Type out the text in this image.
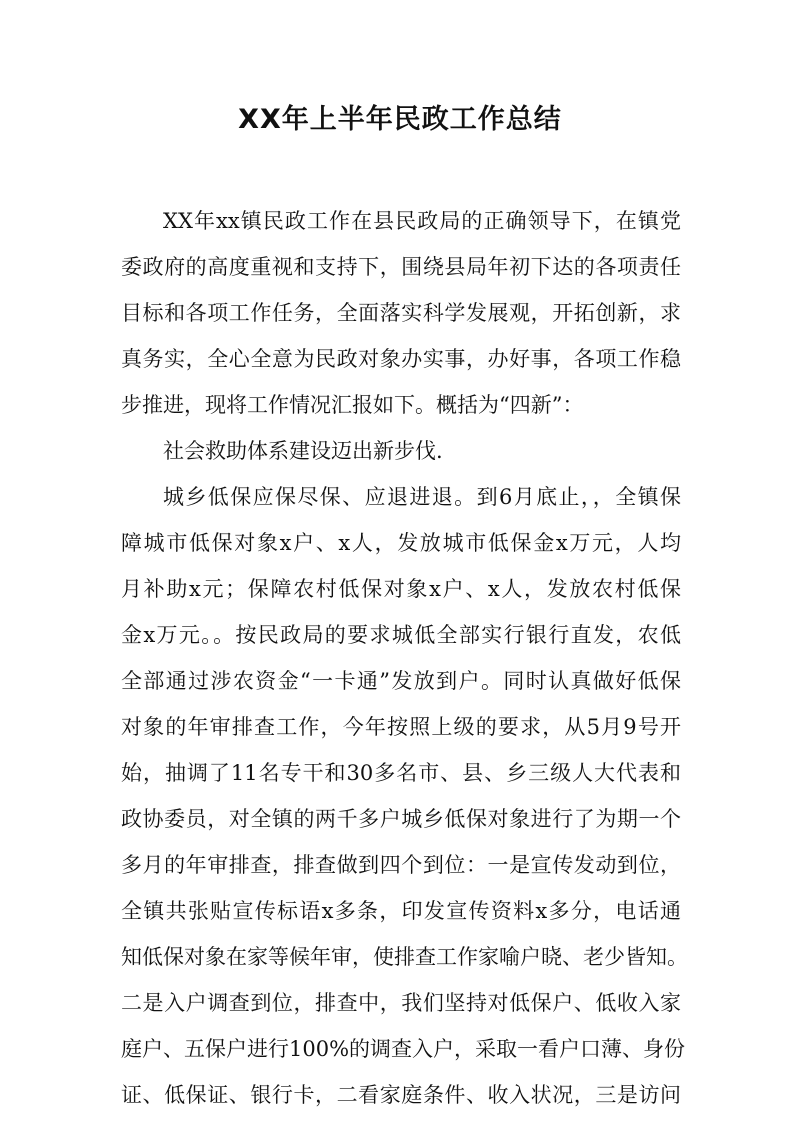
XX年上半年民政工作总结
XX年xx镇民政工作在县民政局的正确领导下，在镇党
委政府的高度重视和支持下，围绕县局年初下达的各项责任
目标和各项工作任务，全面落实科学发展观，开拓创新，求
真务实，全心全意为民政对象办实事，办好事，各项工作稳
步推进，现将工作情况汇报如下。概括为“四新”：
社会救助体系建设迈出新步伐.
城乡低保应保尽保、应退进退。到6月底止，，全镇保
障城市低保对象x户、x人，发放城市低保金x万元，人均
月补助x元；保障农村低保对象x户、x人，发放农村低保
金x万元。。按民政局的要求城低全部实行银行直发，农低
全部通过涉农资金“一卡通”发放到户。同时认真做好低保
对象的年审排查工作，今年按照上级的要求，从5月9号开
始，抽调了11名专干和30多名市、县、乡三级人大代表和
政协委员，对全镇的两千多户城乡低保对象进行了为期一个
多月的年审排查，排查做到四个到位：一是宣传发动到位，
全镇共张贴宣传标语x多条，印发宣传资料x多分，电话通
知低保对象在家等候年审，使排查工作家喻户晓、老少皆知。
二是入户调查到位，排查中，我们坚持对低保户、低收入家
庭户、五保户进行100%的调查入户，采取一看户口薄、身份
证、低保证、银行卡，二看家庭条件、收入状况，三是访问
